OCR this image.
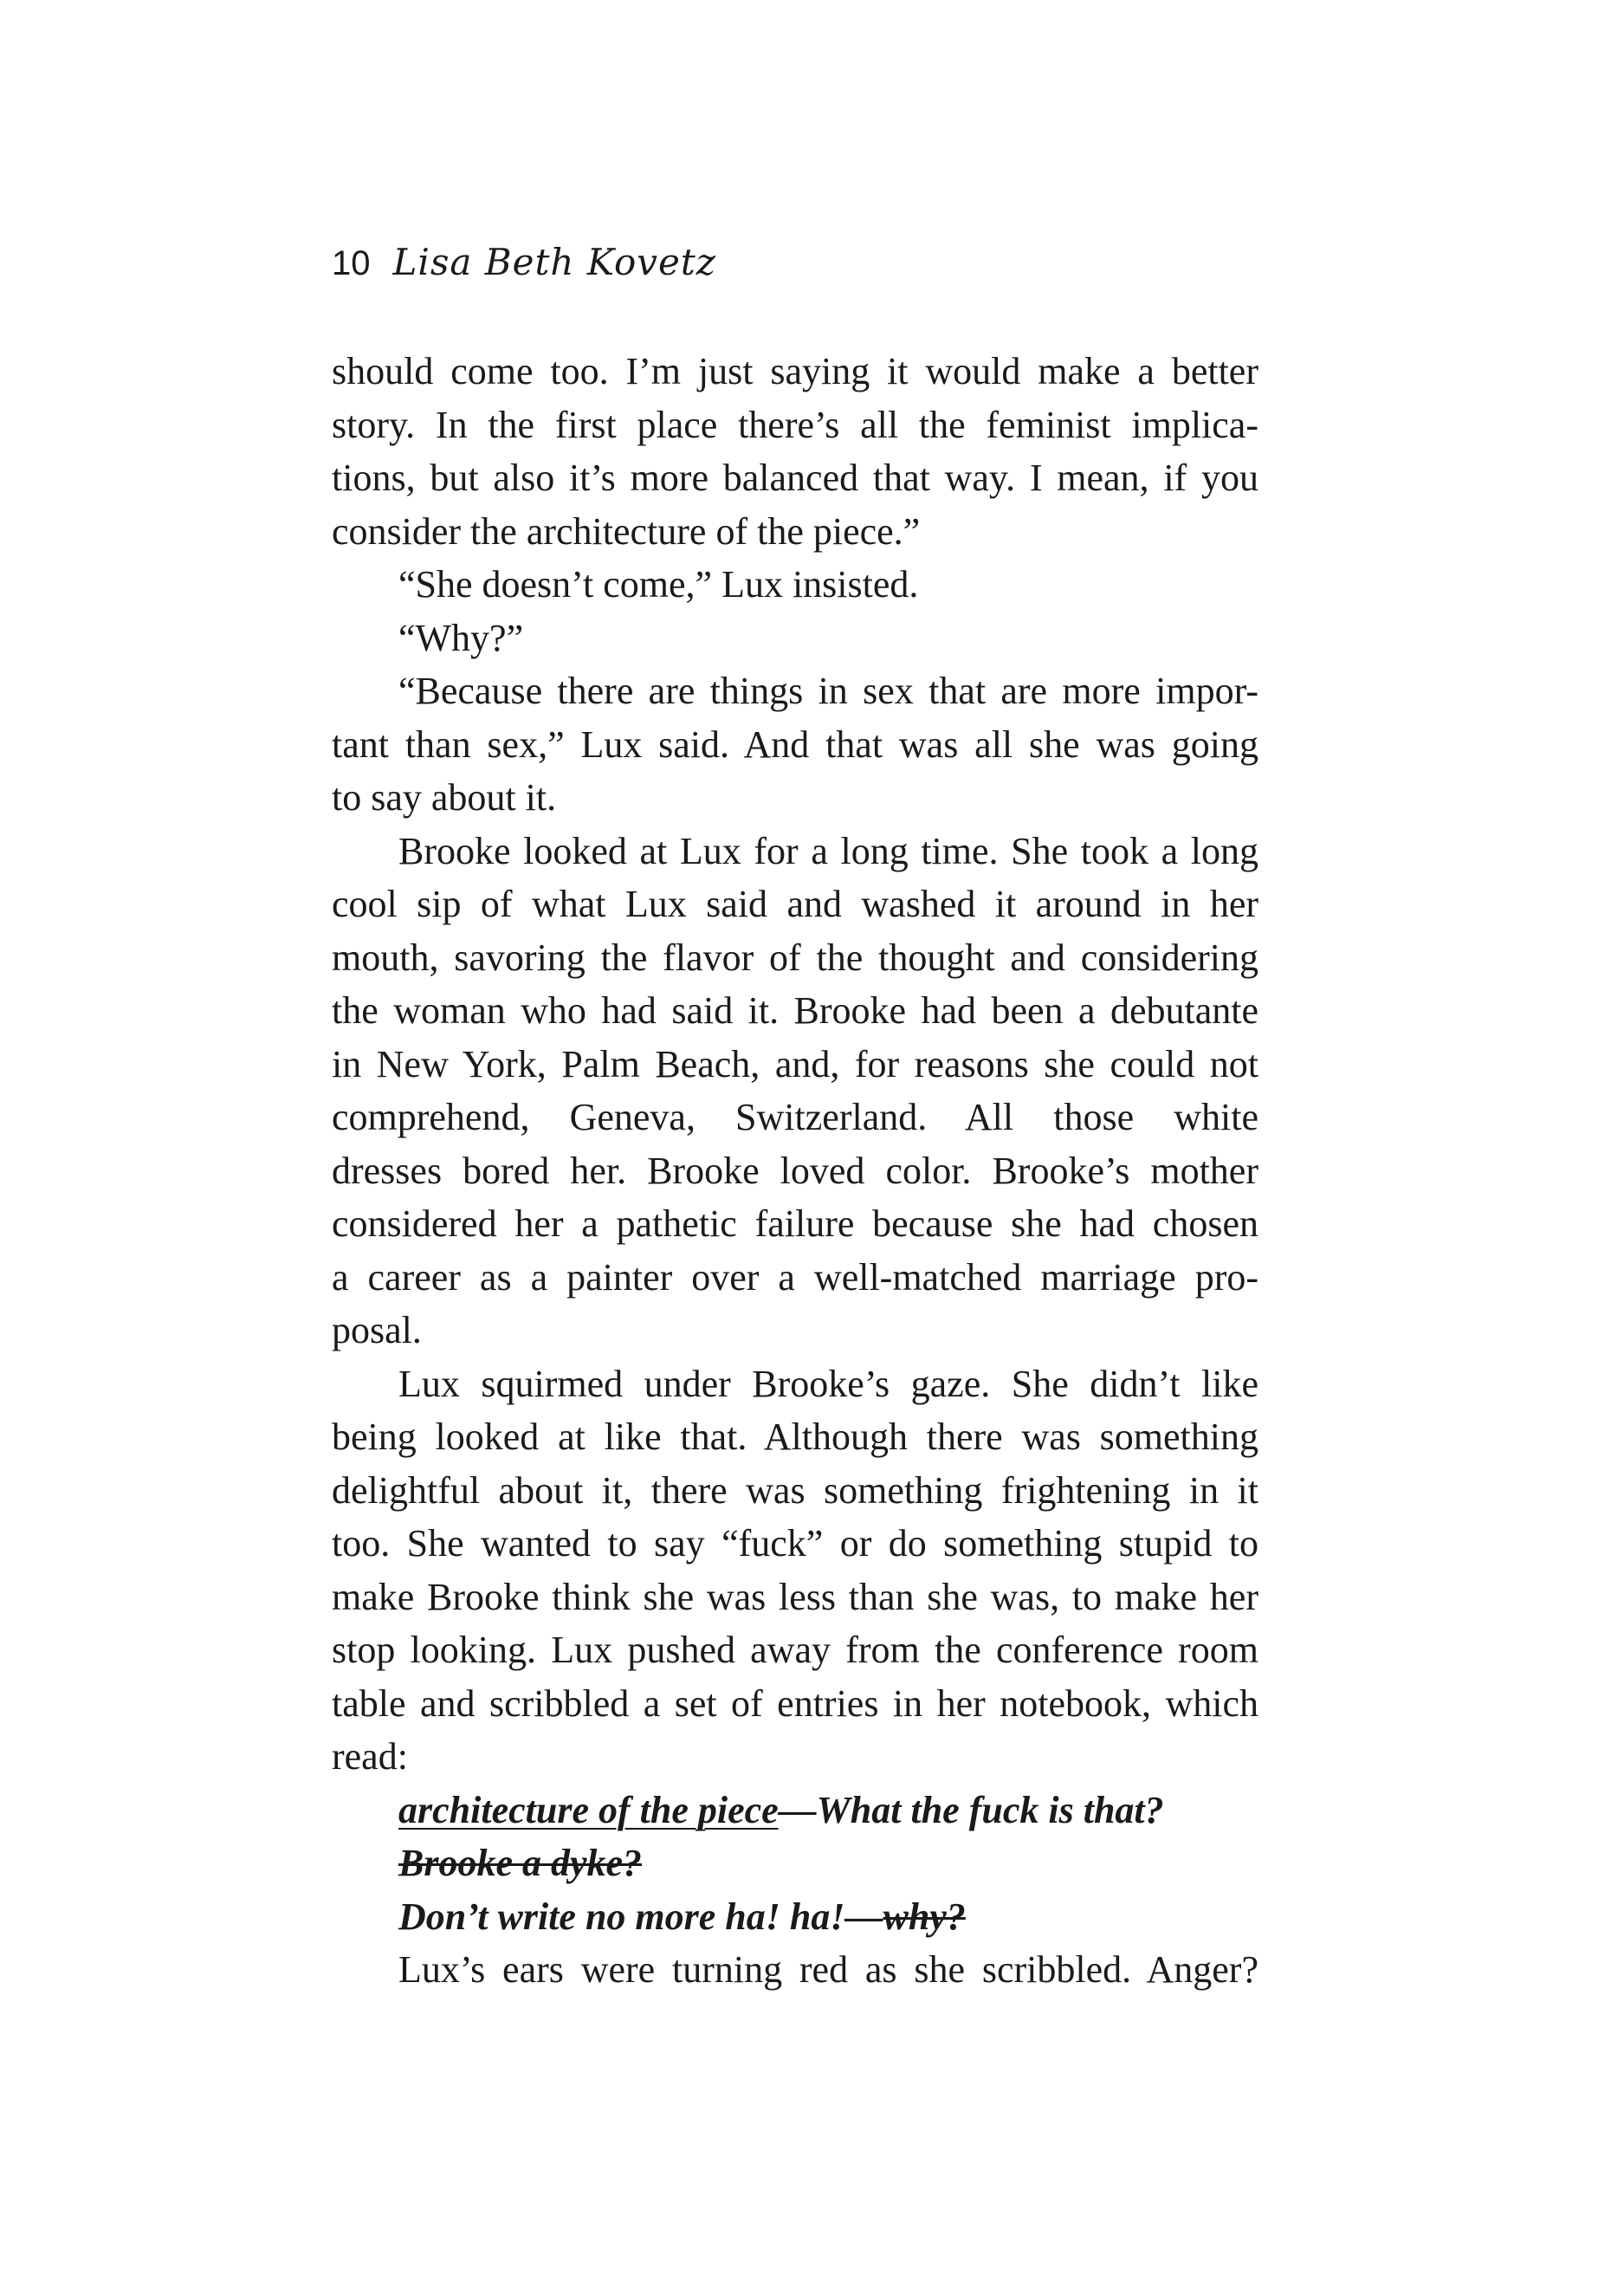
10 Lisa Beth Kovetz
should come too. I’m just saying it would make a better
story. In the first place there’s all the feminist implica-
tions, but also it’s more balanced that way. I mean, if you
consider the architecture of the piece.”
“She doesn’t come,” Lux insisted.
“Why?”
“Because there are things in sex that are more impor-
tant than sex,” Lux said. And that was all she was going
to say about it.
Brooke looked at Lux for a long time. She took a long
cool sip of what Lux said and washed it around in her
mouth, savoring the flavor of the thought and considering
the woman who had said it. Brooke had been a debutante
in New York, Palm Beach, and, for reasons she could not
comprehend, Geneva, Switzerland. All those white
dresses bored her. Brooke loved color. Brooke’s mother
considered her a pathetic failure because she had chosen
a career as a painter over a well-matched marriage pro-
posal.
Lux squirmed under Brooke’s gaze. She didn’t like
being looked at like that. Although there was something
delightful about it, there was something frightening in it
too. She wanted to say “fuck” or do something stupid to
make Brooke think she was less than she was, to make her
stop looking. Lux pushed away from the conference room
table and scribbled a set of entries in her notebook, which
read:
architecture of the piece—What the fuck is that?
Brooke a dyke?
Don’t write no more ha! ha!—why?
Lux’s ears were turning red as she scribbled. Anger?
